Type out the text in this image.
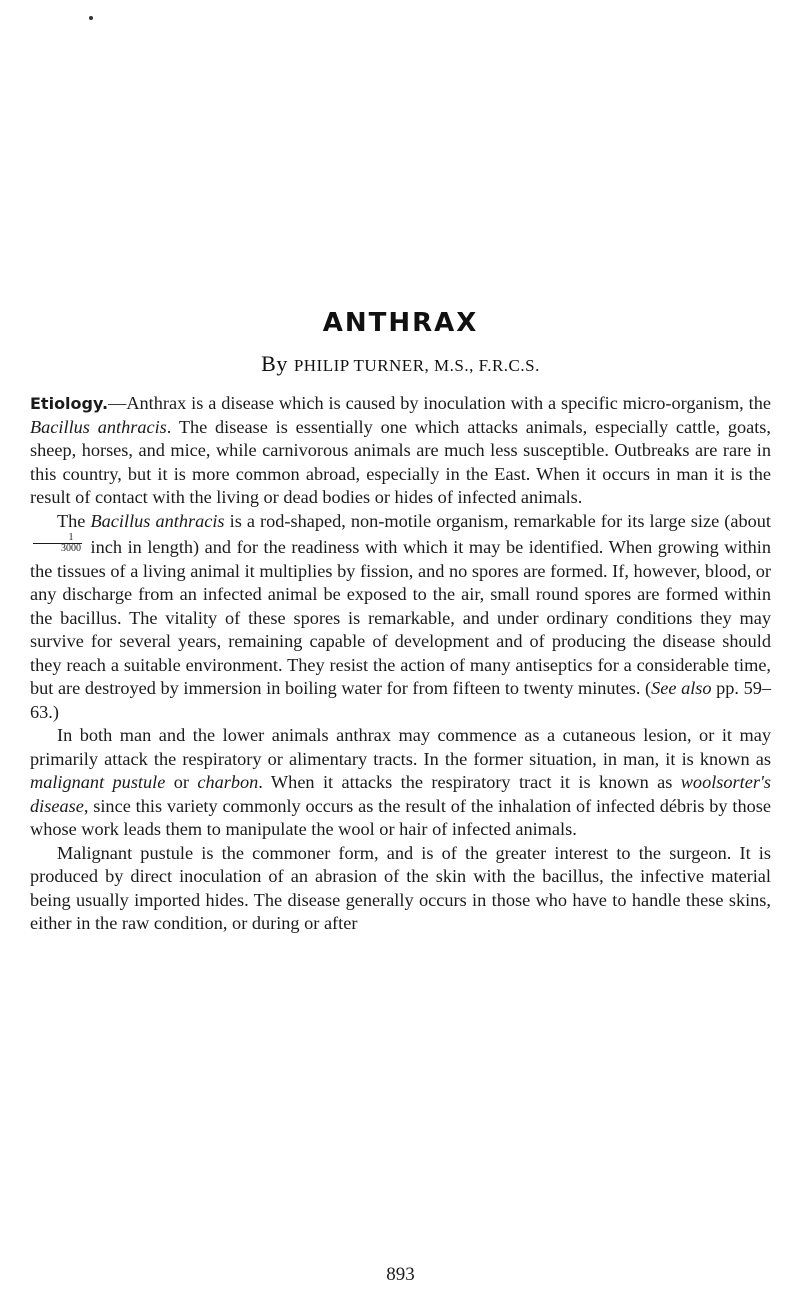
ANTHRAX
By PHILIP TURNER, M.S., F.R.C.S.

Etiology.—Anthrax is a disease which is caused by inoculation with a specific micro-organism, the Bacillus anthracis. The disease is essentially one which attacks animals, especially cattle, goats, sheep, horses, and mice, while carnivorous animals are much less susceptible. Outbreaks are rare in this country, but it is more common abroad, especially in the East. When it occurs in man it is the result of contact with the living or dead bodies or hides of infected animals.

The Bacillus anthracis is a rod-shaped, non-motile organism, remarkable for its large size (about
$\frac{1}{3000}$ inch in length) and for the readiness with which it may be identified. When growing within the tissues of a living animal it multiplies by fission, and no spores are formed. If, however, blood, or any discharge from an infected animal be exposed to the air, small round spores are formed within the bacillus. The vitality of these spores is remarkable, and under ordinary conditions they may survive for several years, remaining capable of development and of producing the disease should they reach a suitable environment. They resist the action of many antiseptics for a considerable time, but are destroyed by immersion in boiling water for from fifteen to twenty minutes. (See also pp. 59–63.)

In both man and the lower animals anthrax may commence as a cutaneous lesion, or it may primarily attack the respiratory or alimentary tracts. In the former situation, in man, it is known as malignant pustule or charbon. When it attacks the respiratory tract it is known as woolsorter's disease, since this variety commonly occurs as the result of the inhalation of infected débris by those whose work leads them to manipulate the wool or hair of infected animals.

Malignant pustule is the commoner form, and is of the greater interest to the surgeon. It is produced by direct inoculation of an abrasion of the skin with the bacillus, the infective material being usually imported hides. The disease generally occurs in those who have to handle these skins, either in the raw condition, or during or after

893
